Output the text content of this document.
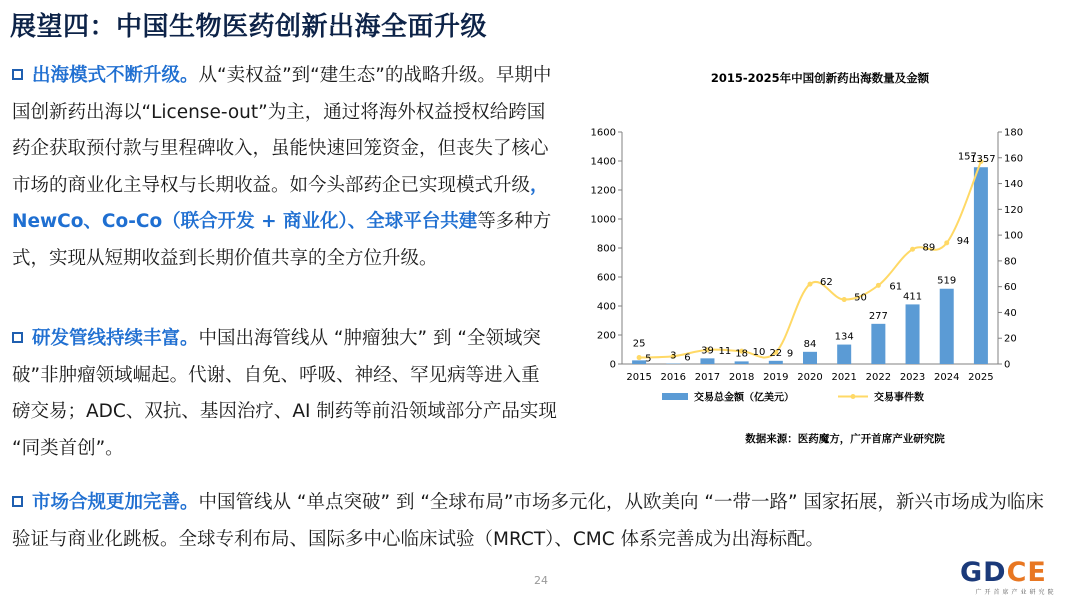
展望四：中国生物医药创新出海全面升级
出海模式不断升级。从“卖权益”到“建生态”的战略升级。早期中国创新药出海以“License-out”为主，通过将海外权益授权给跨国药企获取预付款与里程碑收入，虽能快速回笼资金，但丧失了核心市场的商业化主导权与长期收益。如今头部药企已实现模式升级，NewCo、Co-Co（联合开发 + 商业化）、全球平台共建等多种方式，实现从短期收益到长期价值共享的全方位升级。
研发管线持续丰富。中国出海管线从 “肿瘤独大” 到 “全领域突破”非肿瘤领域崛起。代谢、自免、呼吸、神经、罕见病等进入重磅交易；ADC、双抗、基因治疗、AI 制药等前沿领域部分产品实现 “同类首创”。
市场合规更加完善。中国管线从 “单点突破” 到 “全球布局”市场多元化，从欧美向 “一带一路” 国家拓展，新兴市场成为临床验证与商业化跳板。全球专利布局、国际多中心临床试验（MRCT）、CMC 体系完善成为出海标配。
2015-2025年中国创新药出海数量及金额
0
200
400
600
800
1000
1200
1400
1600
0
20
40
60
80
100
120
140
160
180
2015 2016 2017 2018 2019 2020 2021 2022 2023 2024 2025
25
3 39 18 22
84
134
277
411
519
1357
5	6
11 10 9
62
50
61
89
94
157
交易总金额（亿美元）	交易事件数
数据来源：医药魔方，广开首席产业研究院
24	GDCE
广开首席产业研究院
